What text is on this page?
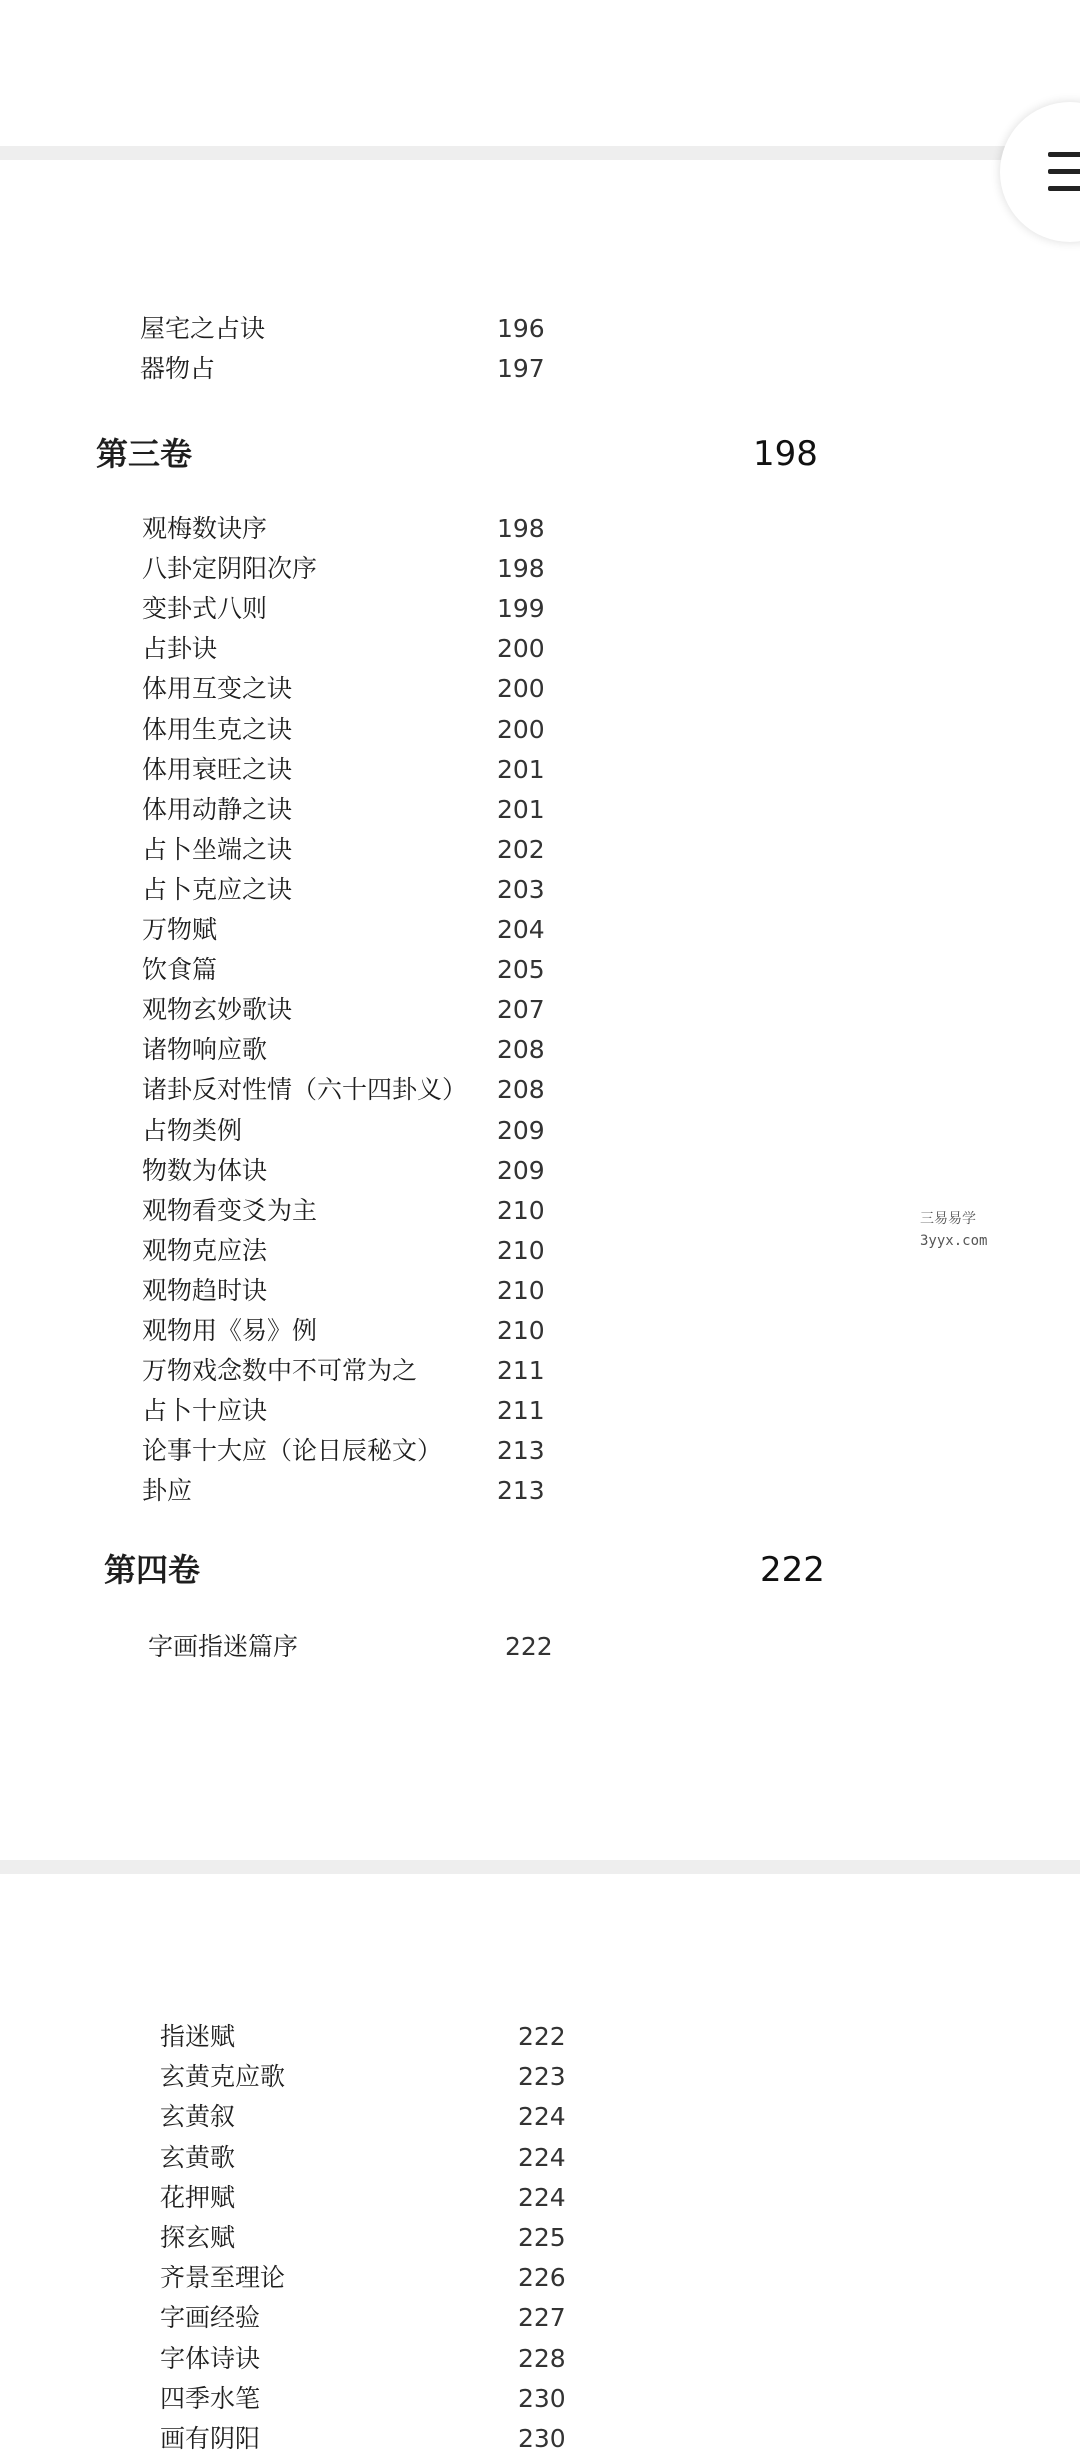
屋宅之占诀	196
器物占	197
第三卷	198
观梅数诀序	198
八卦定阴阳次序	198
变卦式八则	199
占卦诀	200
体用互变之诀	200
体用生克之诀	200
体用衰旺之诀	201
体用动静之诀	201
占卜坐端之诀	202
占卜克应之诀	203
万物赋	204
饮食篇	205
观物玄妙歌诀	207
诸物响应歌	208
诸卦反对性情（六十四卦义） 208
占物类例	209
物数为体诀	209
观物看变爻为主	210
观物克应法	210
观物趋时诀	210
观物用《易》例	210
万物戏念数中不可常为之	211
占卜十应诀	211
论事十大应（论日辰秘文） 213
卦应	213
第四卷	222
字画指迷篇序	222
指迷赋	222
玄黄克应歌	223
玄黄叙	224
玄黄歌	224
花押赋	224
探玄赋	225
齐景至理论	226
字画经验	227
字体诗诀	228
四季水笔	230
画有阴阳	230
三易易学
3yyx.com
